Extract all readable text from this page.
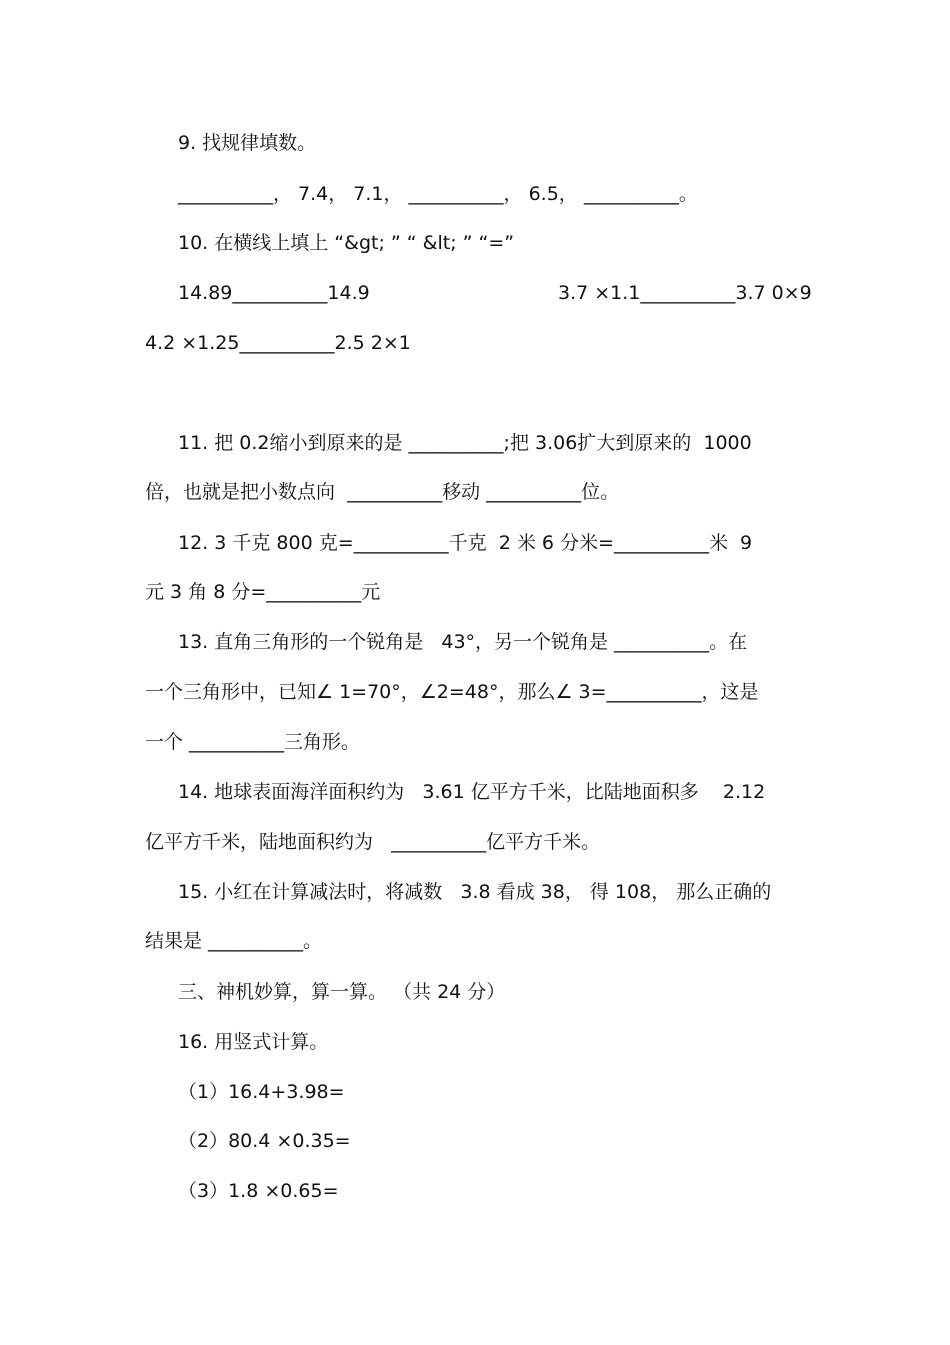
9. 找规律填数。
__________， 7.4， 7.1， __________， 6.5， __________。
10. 在横线上填上 “&gt; ” “ &lt; ” “=”
14.89__________14.9	3.7 ×1.1__________3.7 0×9
4.2 ×1.25__________2.5 2×1
11. 把 0.2缩小到原来的是 __________;把 3.06扩大到原来的  1000
倍，也就是把小数点向  __________移动 __________位。
12. 3 千克 800 克=__________千克  2 米 6 分米=__________米  9
元 3 角 8 分=__________元
13. 直角三角形的一个锐角是   43°，另一个锐角是 __________。在
一个三角形中，已知∠ 1=70°，∠2=48°，那么∠ 3=__________，这是
一个 __________三角形。
14. 地球表面海洋面积约为   3.61 亿平方千米，比陆地面积多    2.12
亿平方千米，陆地面积约为   __________亿平方千米。
15. 小红在计算减法时，将减数   3.8 看成 38， 得 108， 那么正确的
结果是 __________。
三、神机妙算，算一算。 （共 24 分）
16. 用竖式计算。
（1）16.4+3.98=
（2）80.4 ×0.35=
（3）1.8 ×0.65=
